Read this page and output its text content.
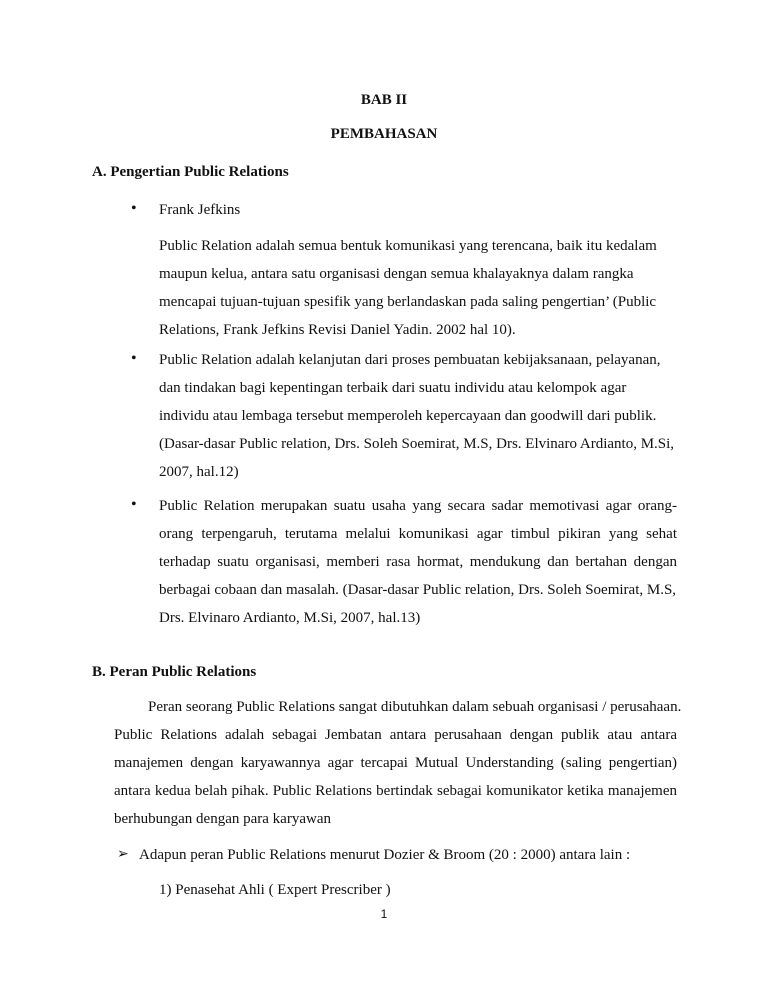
BAB II
PEMBAHASAN
A. Pengertian Public Relations
• Frank Jefkins
Public Relation adalah semua bentuk komunikasi yang terencana, baik itu kedalam
maupun kelua, antara satu organisasi dengan semua khalayaknya dalam rangka
mencapai tujuan-tujuan spesifik yang berlandaskan pada saling pengertian’ (Public
Relations, Frank Jefkins Revisi Daniel Yadin. 2002 hal 10).
• Public Relation adalah kelanjutan dari proses pembuatan kebijaksanaan, pelayanan,
dan tindakan bagi kepentingan terbaik dari suatu individu atau kelompok agar
individu atau lembaga tersebut memperoleh kepercayaan dan goodwill dari publik.
(Dasar-dasar Public relation, Drs. Soleh Soemirat, M.S, Drs. Elvinaro Ardianto, M.Si,
2007, hal.12)
• Public Relation merupakan suatu usaha yang secara sadar memotivasi agar orang-
orang terpengaruh, terutama melalui komunikasi agar timbul pikiran yang sehat
terhadap suatu organisasi, memberi rasa hormat, mendukung dan bertahan dengan
berbagai cobaan dan masalah. (Dasar-dasar Public relation, Drs. Soleh Soemirat, M.S,
Drs. Elvinaro Ardianto, M.Si, 2007, hal.13)
B. Peran Public Relations
Peran seorang Public Relations sangat dibutuhkan dalam sebuah organisasi / perusahaan.
Public Relations adalah sebagai Jembatan antara perusahaan dengan publik atau antara
manajemen dengan karyawannya agar tercapai Mutual Understanding (saling pengertian)
antara kedua belah pihak. Public Relations bertindak sebagai komunikator ketika manajemen
berhubungan dengan para karyawan
➢ Adapun peran Public Relations menurut Dozier & Broom (20 : 2000) antara lain :
1) Penasehat Ahli ( Expert Prescriber )
1
